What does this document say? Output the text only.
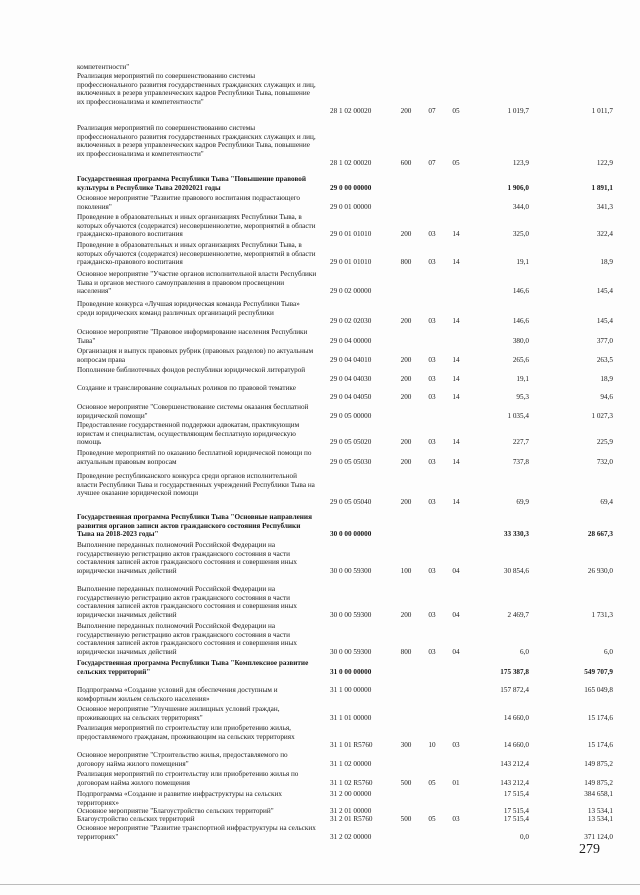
компетентности"
Реализация мероприятий по совершенствованию системы профессионального развития государственных гражданских служащих и лиц, включенных в резерв управленческих кадров Республики Тыва, повышение их профессионализма и компетентности"
28 1 02 00020	200	07	05	1 019,7	1 011,7
Реализация мероприятий по совершенствованию системы профессионального развития государственных гражданских служащих и лиц, включенных в резерв управленческих кадров Республики Тыва, повышение их профессионализма и компетентности"
28 1 02 00020	600	07	05	123,9	122,9
Государственная программа Республики Тыва "Повышение правовой культуры в Республике Тыва 20202021 годы	29 0 00 00000	1 906,0	1 891,1
Основное мероприятие "Развитие правового воспитания подрастающего поколения"	29 0 01 00000	344,0	341,3
Проведение в образовательных и иных организациях Республики Тыва, в которых обучаются (содержатся) несовершеннолетие, мероприятий в области гражданско-правового воспитания	29 0 01 01010	200	03	14	325,0	322,4
Проведение в образовательных и иных организациях Республики Тыва, в которых обучаются (содержатся) несовершеннолетие, мероприятий в области гражданско-правового воспитания	29 0 01 01010	800	03	14	19,1	18,9
Основное мероприятие "Участие органов исполнительной власти Республики Тыва и органов местного самоуправления в правовом просвещении населения"	29 0 02 00000	146,6	145,4
Проведение конкурса «Лучшая юридическая команда Республики Тыва» среди юридических команд различных организаций республики
29 0 02 02030	200	03	14	146,6	145,4
Основное мероприятие "Правовое информирование населения Республики Тыва"	29 0 04 00000	380,0	377,0
Организация и выпуск правовых рубрик (правовых разделов) по актуальным вопросам права	29 0 04 04010	200	03	14	265,6	263,5
Пополнение библиотечных фондов республики юридической литературой
29 0 04 04030	200	03	14	19,1	18,9
Создание и транслирование социальных роликов по правовой тематике
29 0 04 04050	200	03	14	95,3	94,6
Основное мероприятие "Совершенствование системы оказания бесплатной юридической помощи"	29 0 05 00000	1 035,4	1 027,3
Предоставление государственной поддержки адвокатам, практикующим юристам и специалистам, осуществляющим бесплатную юридическую помощь	29 0 05 05020	200	03	14	227,7	225,9
Проведение мероприятий по оказанию бесплатной юридической помощи по актуальным правовым вопросам	29 0 05 05030	200	03	14	737,8	732,0
Проведение республиканского конкурса среди органов исполнительной власти Республики Тыва и государственных учреждений Республики Тыва на лучшее оказание юридической помощи
29 0 05 05040	200	03	14	69,9	69,4
Государственная программа Республики Тыва "Основные направления развития органов записи актов гражданского состояния Республики Тыва на 2018-2023 годы"	30 0 00 00000	33 330,3	28 667,3
Выполнение переданных полномочий Российской Федерации на государственную регистрацию актов гражданского состояния в части составления записей актов гражданского состояния и совершения иных юридически значимых действий	30 0 00 59300	100	03	04	30 854,6	26 930,0
Выполнение переданных полномочий Российской Федерации на государственную регистрацию актов гражданского состояния в части составления записей актов гражданского состояния и совершения иных юридически значимых действий	30 0 00 59300	200	03	04	2 469,7	1 731,3
Выполнение переданных полномочий Российской Федерации на государственную регистрацию актов гражданского состояния в части составления записей актов гражданского состояния и совершения иных юридически значимых действий	30 0 00 59300	800	03	04	6,0	6,0
Государственная программа Республики Тыва "Комплексное развитие сельских территорий"	31 0 00 00000	175 387,8	549 707,9
Подпрограмма «Создание условий для обеспечения доступным и комфортным жильем сельского населения»
31 1 00 00000	157 872,4	165 049,8
Основное мероприятие "Улучшение жилищных условий граждан, проживающих на сельских территориях"	31 1 01 00000	14 660,0	15 174,6
Реализация мероприятий по строительству или приобретению жилья, предоставляемого гражданам, проживающим на сельских территориях
31 1 01 R5760	300	10	03	14 660,0	15 174,6
Основное мероприятие "Строительство жилья, предоставляемого по договору найма жилого помещения"	31 1 02 00000	143 212,4	149 875,2
Реализация мероприятий по строительству или приобретению жилья по договорам найма жилого помещения	31 1 02 R5760	500	05	01	143 212,4	149 875,2
Подпрограмма «Создание и развитие инфраструктуры на сельских территориях»
31 2 00 00000	17 515,4	384 658,1
Основное мероприятие "Благоустройство сельских территорий"	31 2 01 00000	17 515,4	13 534,1
Благоустройство сельских территорий	31 2 01 R5760	500	05	03	17 515,4	13 534,1
Основное мероприятие "Развитие транспортной инфраструктуры на сельских территориях"	31 2 02 00000	0,0	371 124,0
279
